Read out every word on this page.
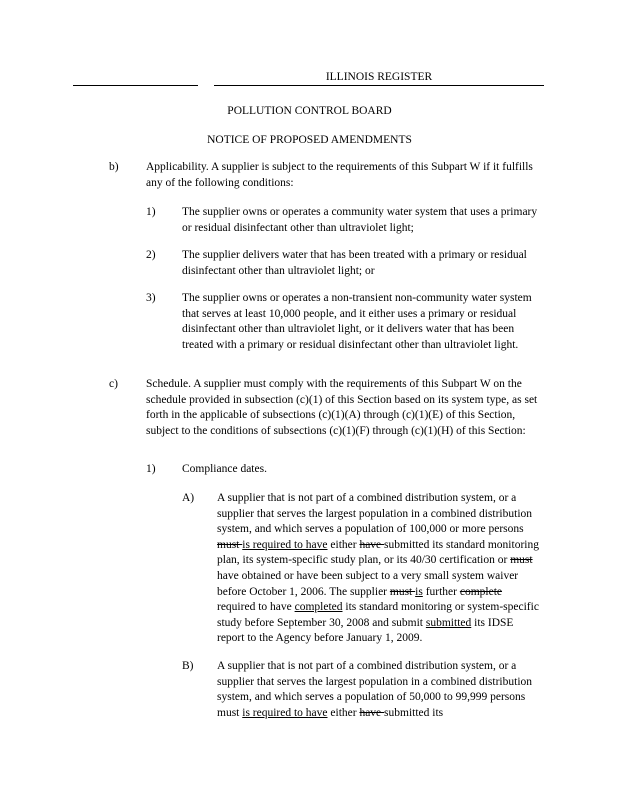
ILLINOIS REGISTER
POLLUTION CONTROL BOARD
NOTICE OF PROPOSED AMENDMENTS
b) Applicability. A supplier is subject to the requirements of this Subpart W if it fulfills any of the following conditions:

1) The supplier owns or operates a community water system that uses a primary or residual disinfectant other than ultraviolet light;

2) The supplier delivers water that has been treated with a primary or residual disinfectant other than ultraviolet light; or

3) The supplier owns or operates a non-transient non-community water system that serves at least 10,000 people, and it either uses a primary or residual disinfectant other than ultraviolet light, or it delivers water that has been treated with a primary or residual disinfectant other than ultraviolet light.

c) Schedule. A supplier must comply with the requirements of this Subpart W on the schedule provided in subsection (c)(1) of this Section based on its system type, as set forth in the applicable of subsections (c)(1)(A) through (c)(1)(E) of this Section, subject to the conditions of subsections (c)(1)(F) through (c)(1)(H) of this Section:

1) Compliance dates.

A) A supplier that is not part of a combined distribution system, or a supplier that serves the largest population in a combined distribution system, and which serves a population of 100,000 or more persons must is required to have either have submitted its standard monitoring plan, its system-specific study plan, or its 40/30 certification or must have obtained or have been subject to a very small system waiver before October 1, 2006. The supplier must is further complete required to have completed its standard monitoring or system-specific study before September 30, 2008 and submit submitted its IDSE report to the Agency before January 1, 2009.

B) A supplier that is not part of a combined distribution system, or a supplier that serves the largest population in a combined distribution system, and which serves a population of 50,000 to 99,999 persons must is required to have either have submitted its
